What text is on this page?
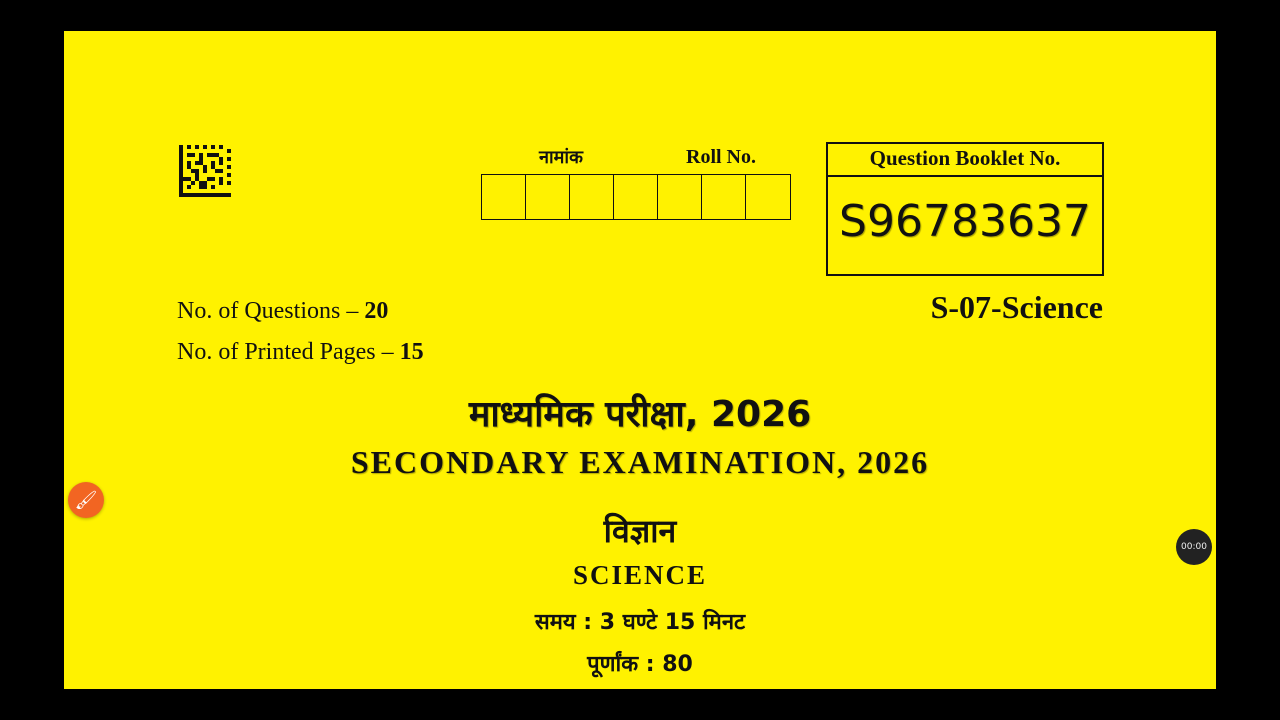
नामांक	Roll No.	Question Booklet No.
S96783637
S-07-Science
No. of Questions – 20
No. of Printed Pages – 15
माध्यमिक परीक्षा, 2026
SECONDARY EXAMINATION, 2026
विज्ञान
SCIENCE
समय : 3 घण्टे 15 मिनट
पूर्णांक : 80
🖌
00:00
